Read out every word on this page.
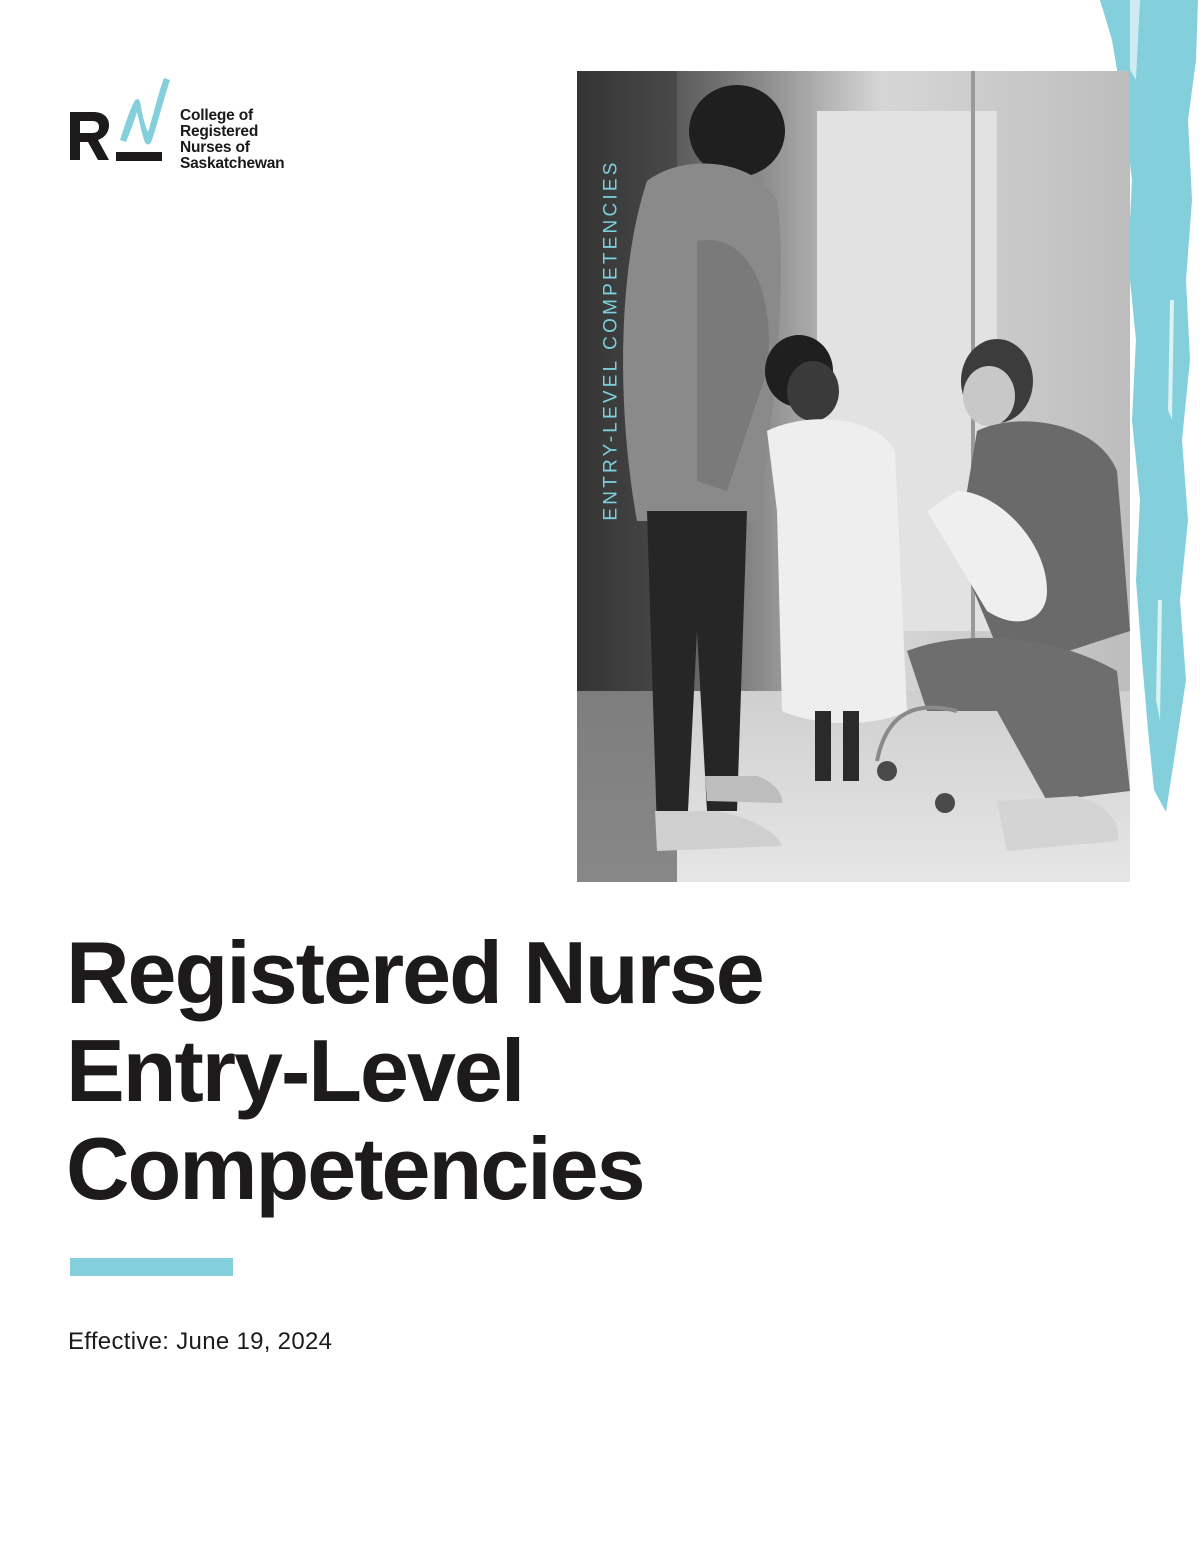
College of
Registered
Nurses of
Saskatchewan	ENTRY-LEVEL COMPETENCIES
Registered Nurse
Entry-Level
Competencies
Effective: June 19, 2024
